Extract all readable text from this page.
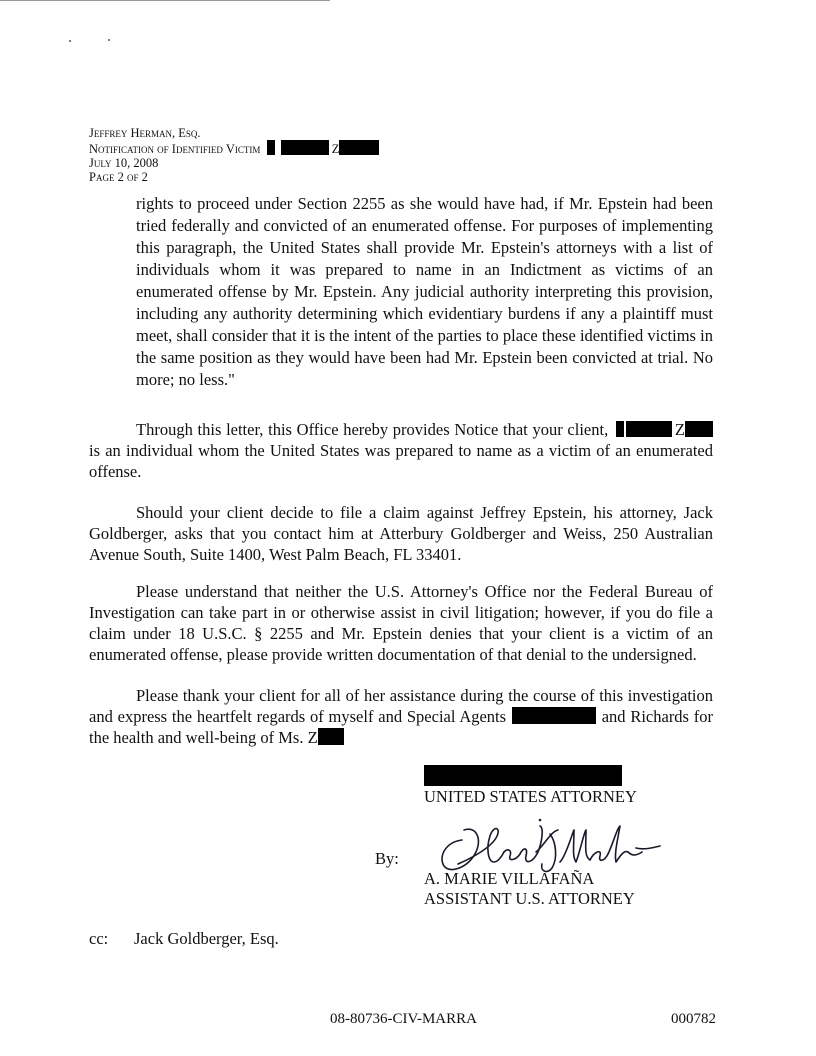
Jeffrey Herman, Esq.
Notification of Identified Victim	Z
July 10, 2008
Page 2 of 2
rights to proceed under Section 2255 as she would have had, if Mr. Epstein had been tried federally and convicted of an enumerated offense. For purposes of implementing this paragraph, the United States shall provide Mr. Epstein's attorneys with a list of individuals whom it was prepared to name in an Indictment as victims of an enumerated offense by Mr. Epstein. Any judicial authority interpreting this provision, including any authority determining which evidentiary burdens if any a plaintiff must meet, shall consider that it is the intent of the parties to place these identified victims in the same position as they would have been had Mr. Epstein been convicted at trial. No more; no less."
Through this letter, this Office hereby provides Notice that your client,	Z is an individual whom the United States was prepared to name as a victim of an enumerated offense.
Should your client decide to file a claim against Jeffrey Epstein, his attorney, Jack Goldberger, asks that you contact him at Atterbury Goldberger and Weiss, 250 Australian Avenue South, Suite 1400, West Palm Beach, FL 33401.
Please understand that neither the U.S. Attorney's Office nor the Federal Bureau of Investigation can take part in or otherwise assist in civil litigation; however, if you do file a claim under 18 U.S.C. § 2255 and Mr. Epstein denies that your client is a victim of an enumerated offense, please provide written documentation of that denial to the undersigned.
Please thank your client for all of her assistance during the course of this investigation and express the heartfelt regards of myself and Special Agents	and Richards for the health and well-being of Ms. Z
UNITED STATES ATTORNEY
By:
A. MARIE VILLAFAÑA
ASSISTANT U.S. ATTORNEY
cc: Jack Goldberger, Esq.
08-80736-CIV-MARRA	000782
